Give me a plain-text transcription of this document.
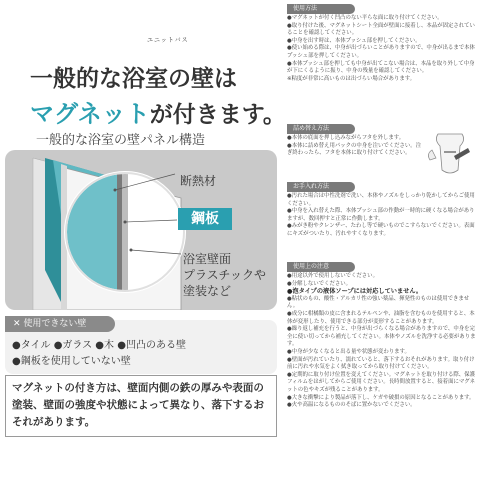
ユニットバス
一般的な浴室の壁は
マグネットが付きます。
一般的な浴室の壁パネル構造
断熱材
鋼板
浴室壁面
プラスチックや
塗装など
✕ 使用できない壁
●タイル ●ガラス ●木 ●凹凸のある壁
●鋼板を使用していない壁
マグネットの付き方は、壁面内側の鉄の厚みや表面の塗装、壁面の強度や状態によって異なり、落下するおそれがあります。
使用方法

●マグネットが付く凹凸のない平らな面に取り付けてください。

●取り付けた後、マグネットシート全面が壁面に接着し、本品が固定されていることを確認してください。

●中身を出す時は、本体プッシュ部を押してください。

●使い始める際は、中身が出づらいことがありますので、中身が出るまで本体プッシュ部を押してください。

●本体プッシュ部を押しても中身が出てこない場合は、本品を取り外して中身が下にくるように振り、中身の残量を確認してください。

※粘度が非常に高いものは出づらい場合があります。

詰め替え方法

●本体の底面を押し込みながらフタを外します。

●本体に詰め替え用パックの中身を注いでください。注ぎ終わったら、フタを本体に取り付けてください。

お手入れ方法

●汚れた場合は中性洗剤で洗い、本体やノズルをしっかり乾かしてからご使用ください。

●中身を入れ替えた際、本体プッシュ部の作動が一時的に硬くなる場合がありますが、数回押すと正常に作動します。

●みがき粉やクレンザー、たわし等で硬いものでこすらないでください。表面にキズがついたり、汚れやすくなります。

使用上の注意

●用途以外で使用しないでください。

●分解しないでください。

●泡タイプの液体ソープには対応していません。

●粘状のもの、酸性・アルカリ性の強い薬品、揮発性のものは使用できません。

●成分に柑橘類の皮に含まれるテルペンや、油脂を含むものを使用すると、本体が変形したり、使用できる部分が変形することがあります。

●繰り返し補充を行うと、中身が出づらくなる場合がありますので、中身を完全に使い切ってから補充してください。本体やノズルを洗浄する必要があります。

●中身が少なくなると出る量や状態が変わります。

●壁面が汚れていたり、濡れていると、落下するおそれがあります。取り付け前に汚れや水気をよく拭き取ってから取り付けてください。

●定期的に取り付け位置を変えてください。マグネットを取り付ける際、保護フィルムをはがしてからご使用ください。長時間放置すると、接着面にマグネットの色やキズが残ることがあります。

●大きな衝撃により製品が落下し、ケガや破損の原因となることがあります。

●火や高温になるもののそばに置かないでください。
